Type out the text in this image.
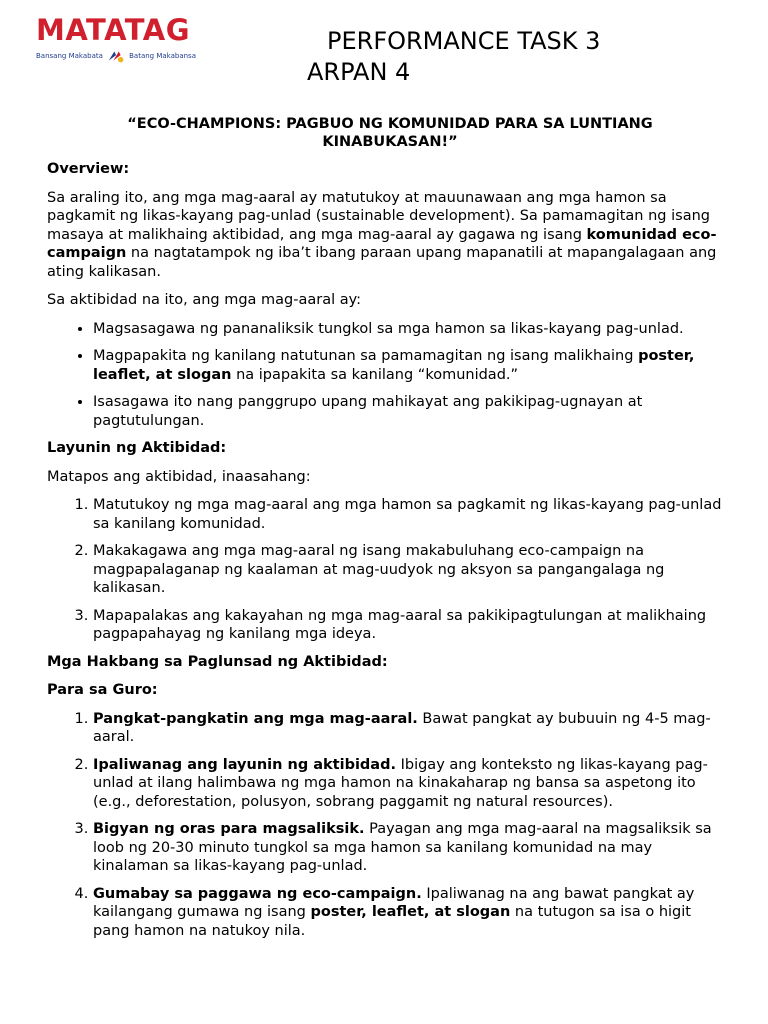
MATATAG
Bansang Makabata	Batang Makabansa
PERFORMANCE TASK 3
ARPAN 4
“ECO-CHAMPIONS: PAGBUO NG KOMUNIDAD PARA SA LUNTIANG KINABUKASAN!”

Overview:

Sa araling ito, ang mga mag-aaral ay matutukoy at mauunawaan ang mga hamon sa pagkamit ng likas-kayang pag-unlad (sustainable development). Sa pamamagitan ng isang masaya at malikhaing aktibidad, ang mga mag-aaral ay gagawa ng isang komunidad eco-campaign na nagtatampok ng iba’t ibang paraan upang mapanatili at mapangalagaan ang ating kalikasan.

Sa aktibidad na ito, ang mga mag-aaral ay:

• Magsasagawa ng pananaliksik tungkol sa mga hamon sa likas-kayang pag-unlad.
• Magpapakita ng kanilang natutunan sa pamamagitan ng isang malikhaing poster, leaflet, at slogan na ipapakita sa kanilang “komunidad.”
• Isasagawa ito nang panggrupo upang mahikayat ang pakikipag-ugnayan at pagtutulungan.

Layunin ng Aktibidad:

Matapos ang aktibidad, inaasahang:

1. Matutukoy ng mga mag-aaral ang mga hamon sa pagkamit ng likas-kayang pag-unlad sa kanilang komunidad.
2. Makakagawa ang mga mag-aaral ng isang makabuluhang eco-campaign na magpapalaganap ng kaalaman at mag-uudyok ng aksyon sa pangangalaga ng kalikasan.
3. Mapapalakas ang kakayahan ng mga mag-aaral sa pakikipagtulungan at malikhaing pagpapahayag ng kanilang mga ideya.

Mga Hakbang sa Paglunsad ng Aktibidad:

Para sa Guro:

1. Pangkat-pangkatin ang mga mag-aaral. Bawat pangkat ay bubuuin ng 4-5 mag-aaral.
2. Ipaliwanag ang layunin ng aktibidad. Ibigay ang konteksto ng likas-kayang pag-unlad at ilang halimbawa ng mga hamon na kinakaharap ng bansa sa aspetong ito (e.g., deforestation, polusyon, sobrang paggamit ng natural resources).
3. Bigyan ng oras para magsaliksik. Payagan ang mga mag-aaral na magsaliksik sa loob ng 20-30 minuto tungkol sa mga hamon sa kanilang komunidad na may kinalaman sa likas-kayang pag-unlad.
4. Gumabay sa paggawa ng eco-campaign. Ipaliwanag na ang bawat pangkat ay kailangang gumawa ng isang poster, leaflet, at slogan na tutugon sa isa o higit pang hamon na natukoy nila.
